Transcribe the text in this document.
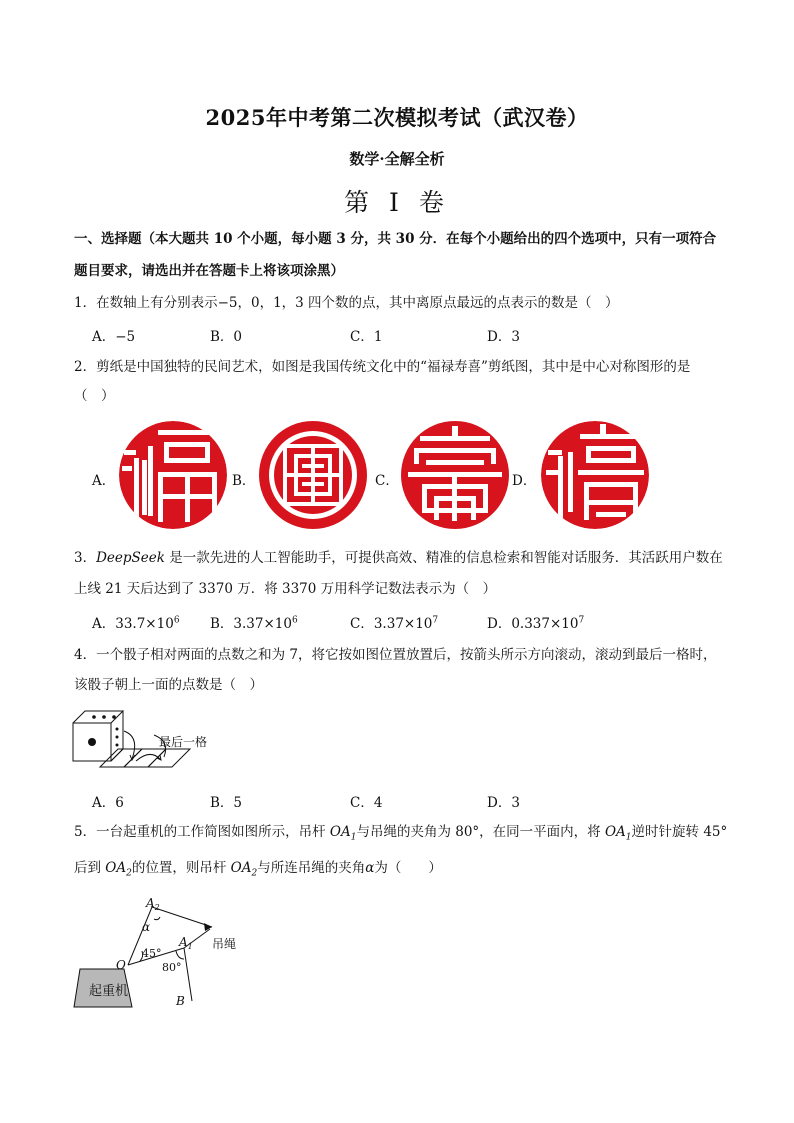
2025年中考第二次模拟考试（武汉卷）
数学·全解全析
第 I 卷
一、选择题（本大题共 10 个小题，每小题 3 分，共 30 分．在每个小题给出的四个选项中，只有一项符合
题目要求，请选出并在答题卡上将该项涂黑）
1．在数轴上有分别表示−5，0，1，3 四个数的点，其中离原点最远的点表示的数是（　）
A．−5	B．0	C．1	D．3
2．剪纸是中国独特的民间艺术，如图是我国传统文化中的“福禄寿喜”剪纸图，其中是中心对称图形的是
（　）
A．	B．	C．	D．
3．DeepSeek 是一款先进的人工智能助手，可提供高效、精准的信息检索和智能对话服务．其活跃用户数在
上线 21 天后达到了 3370 万．将 3370 万用科学记数法表示为（　）
A．$33.7\times 10^6$ B．$3.37\times 10^6$	C．$3.37\times 10^7$	D．$0.337\times 10^7$
4．一个骰子相对两面的点数之和为 7，将它按如图位置放置后，按箭头所示方向滚动，滚动到最后一格时，
该骰子朝上一面的点数是（　）
最后一格
A．6	B．5	C．4	D．3
5．一台起重机的工作简图如图所示，吊杆 $OA_1$与吊绳的夹角为 80°，在同一平面内，将 $OA_1$逆时针旋转 45°
后到 $OA_2$的位置，则吊杆 $OA_2$与所连吊绳的夹角α为（　　）
起重机
$A_2$
$A_1$
O
B
45°
80°
α
吊绳
